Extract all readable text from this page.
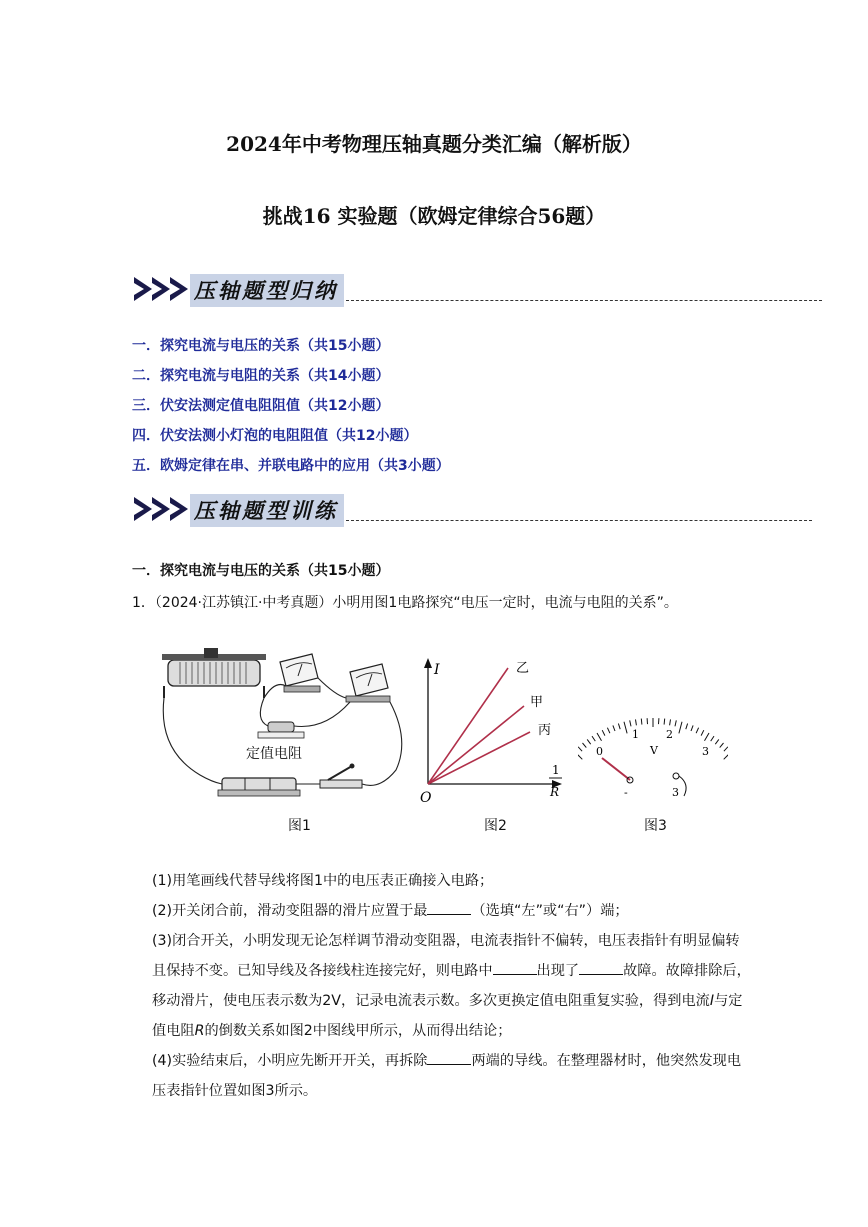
2024年中考物理压轴真题分类汇编（解析版）
挑战16 实验题（欧姆定律综合56题）
压轴题型归纳
一．探究电流与电压的关系（共15小题）
二．探究电流与电阻的关系（共14小题）
三．伏安法测定值电阻阻值（共12小题）
四．伏安法测小灯泡的电阻阻值（共12小题）
五．欧姆定律在串、并联电路中的应用（共3小题）
压轴题型训练
一．探究电流与电压的关系（共15小题）
1．（2024·江苏镇江·中考真题）小明用图1电路探究“电压一定时，电流与电阻的关系”。
定值电阻
图1
I
1
R
O
乙
甲
丙
图2
0
1 2
3
V
-	3
图3
(1)用笔画线代替导线将图1中的电压表正确接入电路；
(2)开关闭合前，滑动变阻器的滑片应置于最	（选填“左”或“右”）端；
(3)闭合开关，小明发现无论怎样调节滑动变阻器，电流表指针不偏转，电压表指针有明显偏转且保持不变。已知导线及各接线柱连接完好，则电路中	出现了	故障。故障排除后，移动滑片，使电压表示数为2V，记录电流表示数。多次更换定值电阻重复实验，得到电流I与定值电阻R的倒数关系如图2中图线甲所示，从而得出结论；
(4)实验结束后，小明应先断开开关，再拆除	两端的导线。在整理器材时，他突然发现电压表指针位置如图3所示。
